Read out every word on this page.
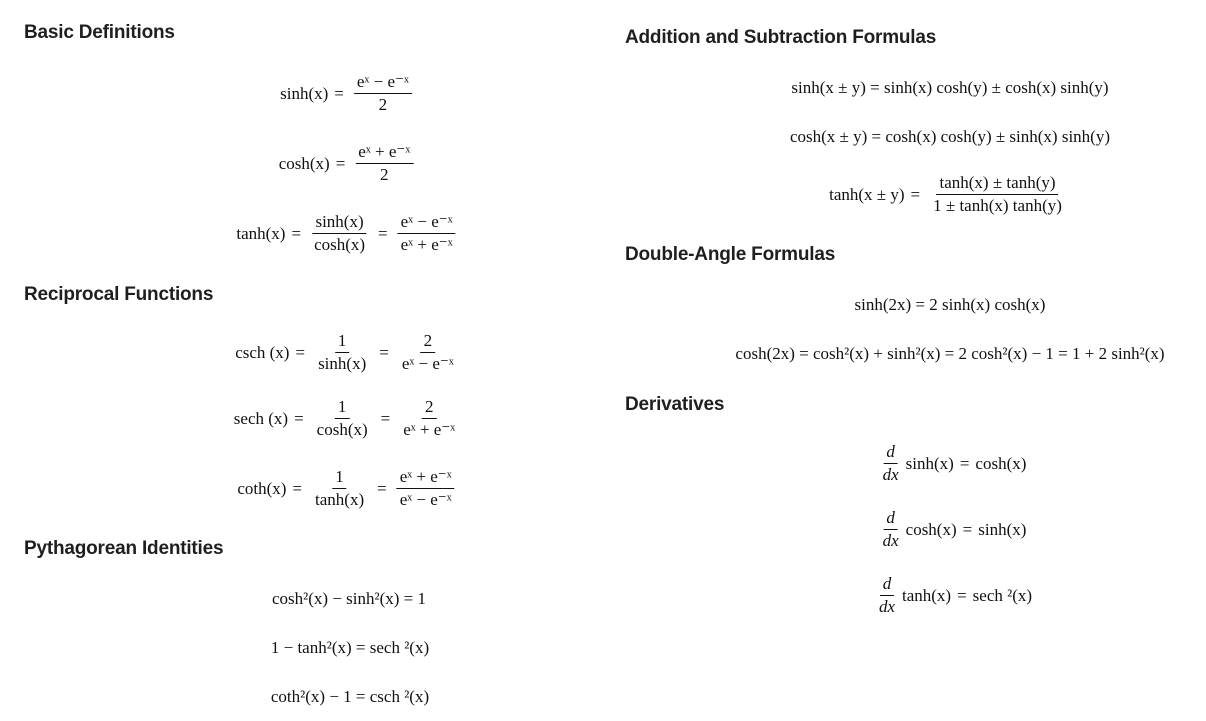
Basic Definitions
$\sinh(x) = \frac{\text{eˣ − e⁻ˣ}}{2}$
$\cosh(x) = \frac{\text{eˣ + e⁻ˣ}}{2}$
$\tanh(x) = \frac{\sinh(x)}{\cosh(x)} = \frac{\text{eˣ − e⁻ˣ}}{\text{eˣ + e⁻ˣ}}$
Reciprocal Functions
csch $(x) = \frac{1}{\sinh(x)} = \frac{2}{\text{eˣ − e⁻ˣ}}$
sech $(x) = \frac{1}{\cosh(x)} = \frac{2}{\text{eˣ + e⁻ˣ}}$
$\cot h(x) = \frac{1}{\tanh(x)} = \frac{\text{eˣ + e⁻ˣ}}{\text{eˣ − e⁻ˣ}}$
Pythagorean Identities
cosh²(x) − sinh²(x) = 1
1 − tanh²(x) = sech ²(x)
coth²(x) − 1 = csch ²(x)
Addition and Subtraction Formulas
sinh(x ± y) = sinh(x) cosh(y) ± cosh(x) sinh(y)
cosh(x ± y) = cosh(x) cosh(y) ± sinh(x) sinh(y)
$\tanh(x \pm y) = \frac{\tanh(x) \pm \tanh(y)}{1 \pm \tanh(x) \tanh(y)}$
Double-Angle Formulas
sinh(2x) = 2 sinh(x) cosh(x)
cosh(2x) = cosh²(x) + sinh²(x) = 2 cosh²(x) − 1 = 1 + 2 sinh²(x)
Derivatives
$\frac{d}{dx} \sinh(x) = \cosh(x)$
$\frac{d}{dx} \cosh(x) = \sinh(x)$
$\frac{d}{dx} \tanh(x) = \sec h$ ²(x)
